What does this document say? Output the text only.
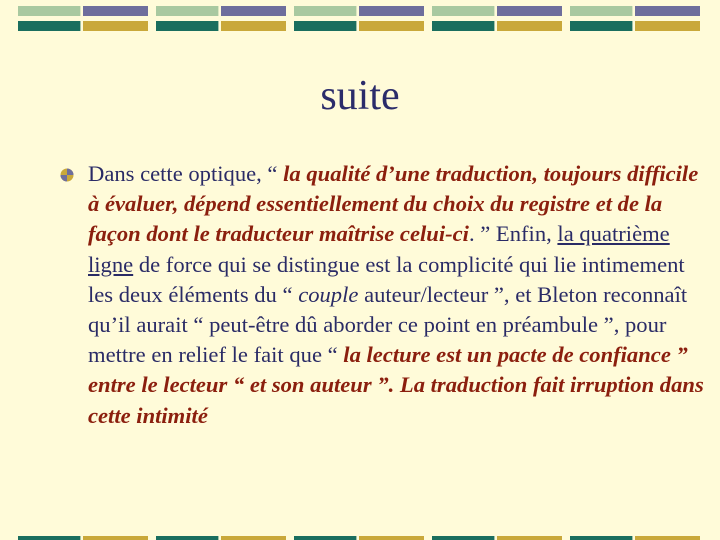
suite
Dans cette optique, “ la qualité d’une traduction, toujours difficile à évaluer, dépend essentiellement du choix du registre et de la façon dont le traducteur maîtrise celui-ci. ” Enfin, la quatrième ligne de force qui se distingue est la complicité qui lie intimement les deux éléments du “ couple auteur/lecteur ”, et Bleton reconnaît qu’il aurait “ peut-être dû aborder ce point en préambule ”, pour mettre en relief le fait que “ la lecture est un pacte de confiance ” entre le lecteur “ et son auteur ”. La traduction fait irruption dans cette intimité
